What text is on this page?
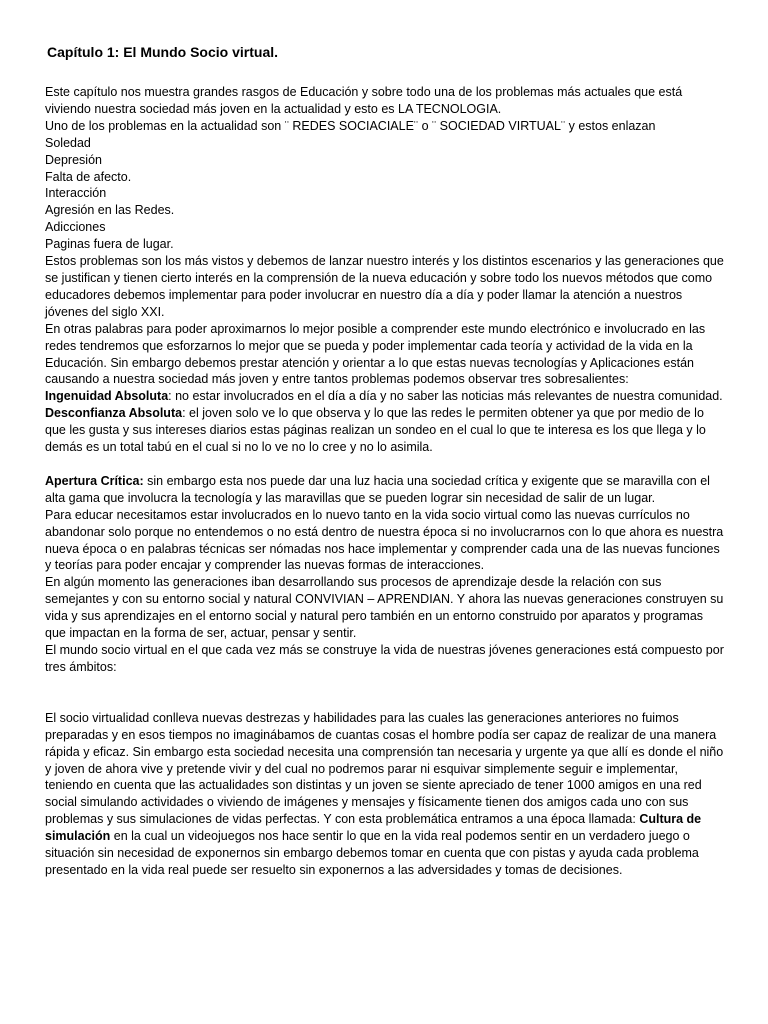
Capítulo 1: El Mundo Socio virtual.

Este capítulo nos muestra grandes rasgos de Educación y sobre todo una de los problemas más actuales que está viviendo nuestra sociedad más joven en la actualidad y esto es LA TECNOLOGIA.

Uno de los problemas en la actualidad son ¨ REDES SOCIACIALE¨ o ¨ SOCIEDAD VIRTUAL¨ y estos enlazan

Soledad

Depresión

Falta de afecto.

Interacción

Agresión en las Redes.

Adicciones

Paginas fuera de lugar.

Estos problemas son los más vistos y debemos de lanzar nuestro interés y los distintos escenarios y las generaciones que se justifican y tienen cierto interés en la comprensión de la nueva educación y sobre todo los nuevos métodos que como educadores debemos implementar para poder involucrar en nuestro día a día y poder llamar la atención a nuestros jóvenes del siglo XXI.

En otras palabras para poder aproximarnos lo mejor posible a comprender este mundo electrónico e involucrado en las redes tendremos que esforzarnos lo mejor que se pueda y poder implementar cada teoría y actividad de la vida en la Educación. Sin embargo debemos prestar atención y orientar a lo que estas nuevas tecnologías y Aplicaciones están causando a nuestra sociedad más joven y entre tantos problemas podemos observar tres sobresalientes:

Ingenuidad Absoluta: no estar involucrados en el día a día y no saber las noticias más relevantes de nuestra comunidad.

Desconfianza Absoluta: el joven solo ve lo que observa y lo que las redes le permiten obtener ya que por medio de lo que les gusta y sus intereses diarios estas páginas realizan un sondeo en el cual lo que te interesa es los que llega y lo demás es un total tabú en el cual si no lo ve no lo cree y no lo asimila.

Apertura Crítica: sin embargo esta nos puede dar una luz hacia una sociedad crítica y exigente que se maravilla con el alta gama que involucra la tecnología y las maravillas que se pueden lograr sin necesidad de salir de un lugar.

Para educar necesitamos estar involucrados en lo nuevo tanto en la vida socio virtual como las nuevas currículos no abandonar solo porque no entendemos o no está dentro de nuestra época si no involucrarnos con lo que ahora es nuestra nueva época o en palabras técnicas ser nómadas nos hace implementar y comprender cada una de las nuevas funciones y teorías para poder encajar y comprender las nuevas formas de interacciones.

En algún momento las generaciones iban desarrollando sus procesos de aprendizaje desde la relación con sus semejantes y con su entorno social y natural CONVIVIAN – APRENDIAN. Y ahora las nuevas generaciones construyen su vida y sus aprendizajes en el entorno social y natural pero también en un entorno construido por aparatos y programas que impactan en la forma de ser, actuar, pensar y sentir.

El mundo socio virtual en el que cada vez más se construye la vida de nuestras jóvenes generaciones está compuesto por tres ámbitos:

El socio virtualidad conlleva nuevas destrezas y habilidades para las cuales las generaciones anteriores no fuimos preparadas y en esos tiempos no imaginábamos de cuantas cosas el hombre podía ser capaz de realizar de una manera rápida y eficaz. Sin embargo esta sociedad necesita una comprensión tan necesaria y urgente ya que allí es donde el niño y joven de ahora vive y pretende vivir y del cual no podremos parar ni esquivar simplemente seguir e implementar, teniendo en cuenta que las actualidades son distintas y un joven se siente apreciado de tener 1000 amigos en una red social simulando actividades o viviendo de imágenes y mensajes y físicamente tienen dos amigos cada uno con sus problemas y sus simulaciones de vidas perfectas. Y con esta problemática entramos a una época llamada: Cultura de simulación en la cual un videojuegos nos hace sentir lo que en la vida real podemos sentir en un verdadero juego o situación sin necesidad de exponernos sin embargo debemos tomar en cuenta que con pistas y ayuda cada problema presentado en la vida real puede ser resuelto sin exponernos a las adversidades y tomas de decisiones.
